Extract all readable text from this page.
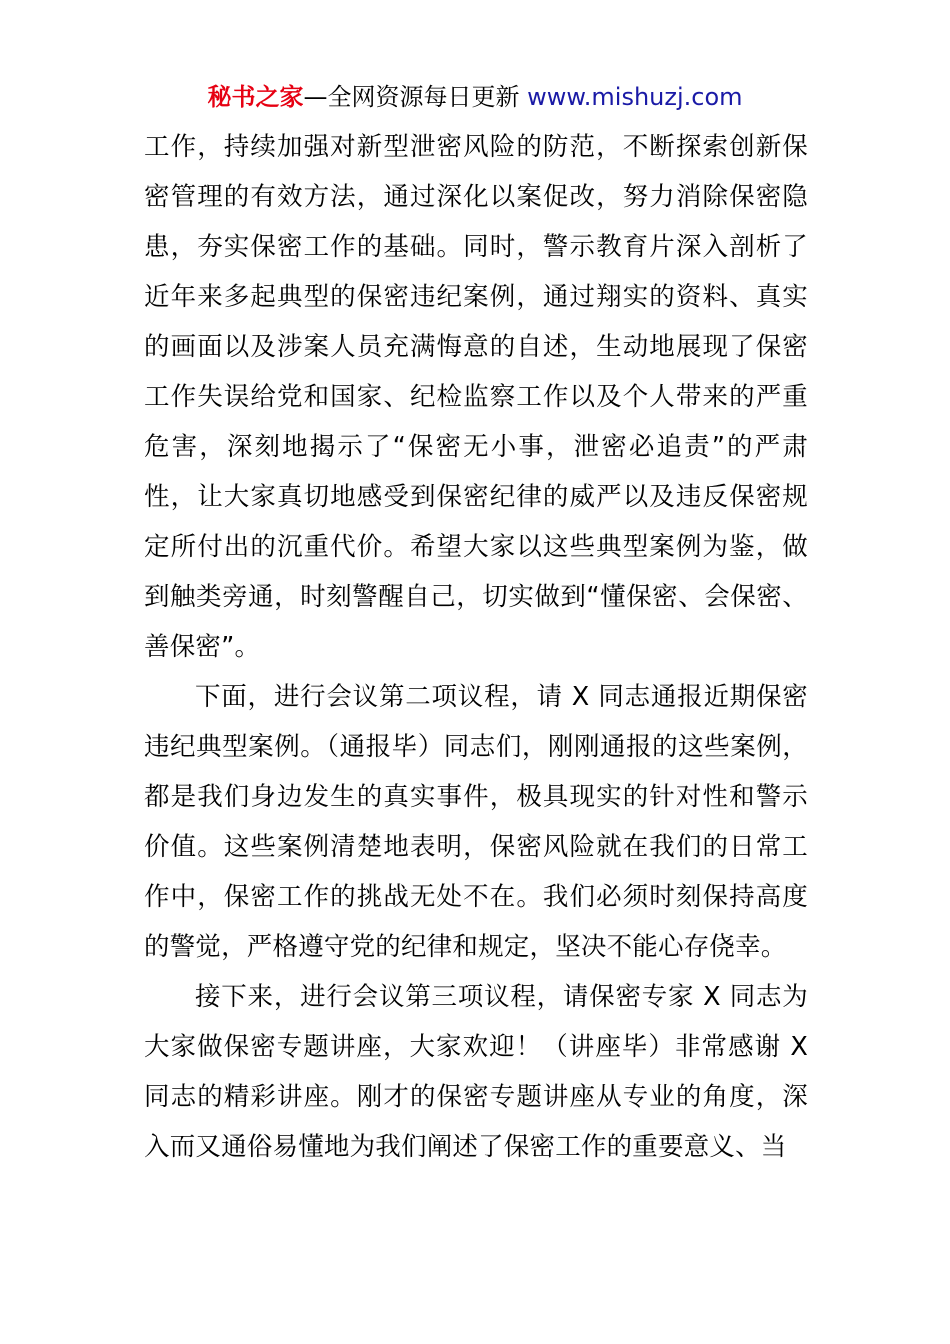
秘书之家—全网资源每日更新 www.mishuzj.com

工作，持续加强对新型泄密风险的防范，不断探索创新保密管理的有效方法，通过深化以案促改，努力消除保密隐患，夯实保密工作的基础。同时，警示教育片深入剖析了近年来多起典型的保密违纪案例，通过翔实的资料、真实的画面以及涉案人员充满悔意的自述，生动地展现了保密工作失误给党和国家、纪检监察工作以及个人带来的严重危害，深刻地揭示了“保密无小事，泄密必追责”的严肃性，让大家真切地感受到保密纪律的威严以及违反保密规定所付出的沉重代价。希望大家以这些典型案例为鉴，做到触类旁通，时刻警醒自己，切实做到“懂保密、会保密、善保密”。

下面，进行会议第二项议程，请 X 同志通报近期保密违纪典型案例。（通报毕）同志们，刚刚通报的这些案例，都是我们身边发生的真实事件，极具现实的针对性和警示价值。这些案例清楚地表明，保密风险就在我们的日常工作中，保密工作的挑战无处不在。我们必须时刻保持高度的警觉，严格遵守党的纪律和规定，坚决不能心存侥幸。

接下来，进行会议第三项议程，请保密专家 X 同志为大家做保密专题讲座，大家欢迎！（讲座毕）非常感谢 X 同志的精彩讲座。刚才的保密专题讲座从专业的角度，深入而又通俗易懂地为我们阐述了保密工作的重要意义、当
